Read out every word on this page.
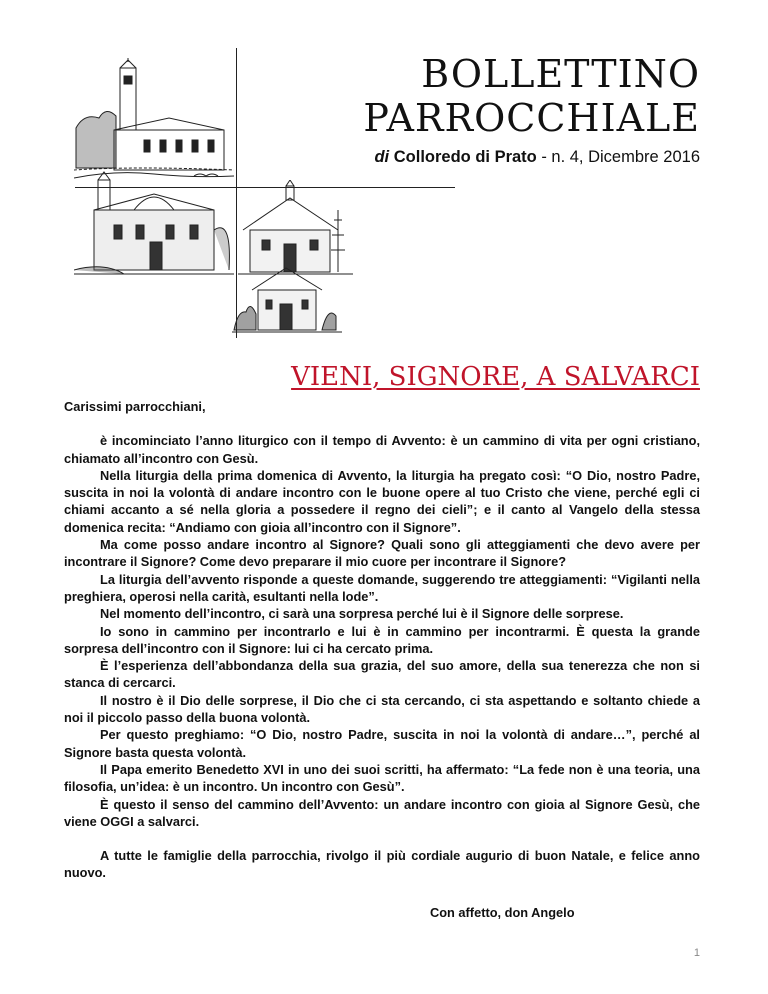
BOLLETTINO
PARROCCHIALE
di Colloredo di Prato - n. 4, Dicembre 2016
VIENI, SIGNORE, A SALVARCI

Carissimi parrocchiani,

è incominciato l’anno liturgico con il tempo di Avvento: è un cammino di vita per ogni cristiano, chiamato all’incontro con Gesù.

Nella liturgia della prima domenica di Avvento, la liturgia ha pregato così: “O Dio, nostro Padre, suscita in noi la volontà di andare incontro con le buone opere al tuo Cristo che viene, perché egli ci chiami accanto a sé nella gloria a possedere il regno dei cieli”; e il canto al Vangelo della stessa domenica recita: “Andiamo con gioia all’incontro con il Signore”.

Ma come posso andare incontro al Signore? Quali sono gli atteggiamenti che devo avere per incontrare il Signore? Come devo preparare il mio cuore per incontrare il Signore?

La liturgia dell’avvento risponde a queste domande, suggerendo tre atteggiamenti: “Vigilanti nella preghiera, operosi nella carità, esultanti nella lode”.

Nel momento dell’incontro, ci sarà una sorpresa perché lui è il Signore delle sorprese.

Io sono in cammino per incontrarlo e lui è in cammino per incontrarmi. È questa la grande sorpresa dell’incontro con il Signore: lui ci ha cercato prima.

È l’esperienza dell’abbondanza della sua grazia, del suo amore, della sua tenerezza che non si stanca di cercarci.

Il nostro è il Dio delle sorprese, il Dio che ci sta cercando, ci sta aspettando e soltanto chiede a noi il piccolo passo della buona volontà.

Per questo preghiamo: “O Dio, nostro Padre, suscita in noi la volontà di andare…”, perché al Signore basta questa volontà.

Il Papa emerito Benedetto XVI in uno dei suoi scritti, ha affermato: “La fede non è una teoria, una filosofia, un’idea: è un incontro. Un incontro con Gesù”.

È questo il senso del cammino dell’Avvento: un andare incontro con gioia al Signore Gesù, che viene OGGI a salvarci.

A tutte le famiglie della parrocchia, rivolgo il più cordiale augurio di buon Natale, e felice anno nuovo.

Con affetto, don Angelo

1
